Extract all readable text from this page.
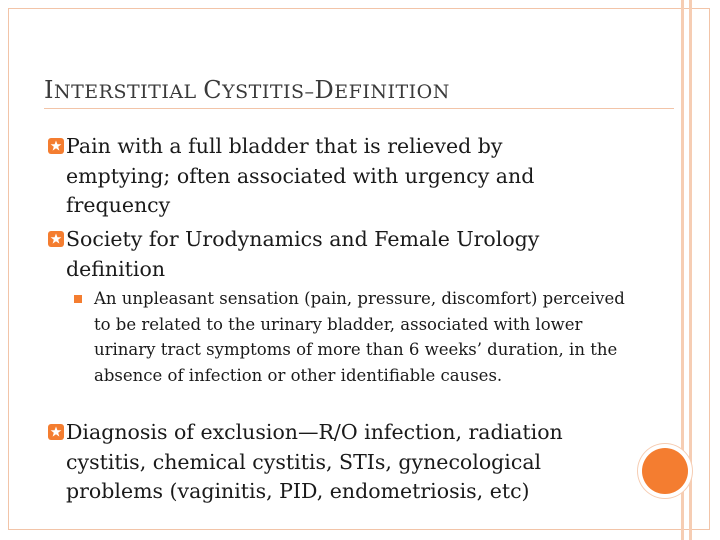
INTERSTITIAL CYSTITIS–DEFINITION
Pain with a full bladder that is relieved by emptying; often associated with urgency and frequency
Society for Urodynamics and Female Urology definition
An unpleasant sensation (pain, pressure, discomfort) perceived to be related to the urinary bladder, associated with lower urinary tract symptoms of more than 6 weeks’ duration, in the absence of infection or other identifiable causes.
Diagnosis of exclusion—R/O infection, radiation cystitis, chemical cystitis, STIs, gynecological problems (vaginitis, PID, endometriosis, etc)
